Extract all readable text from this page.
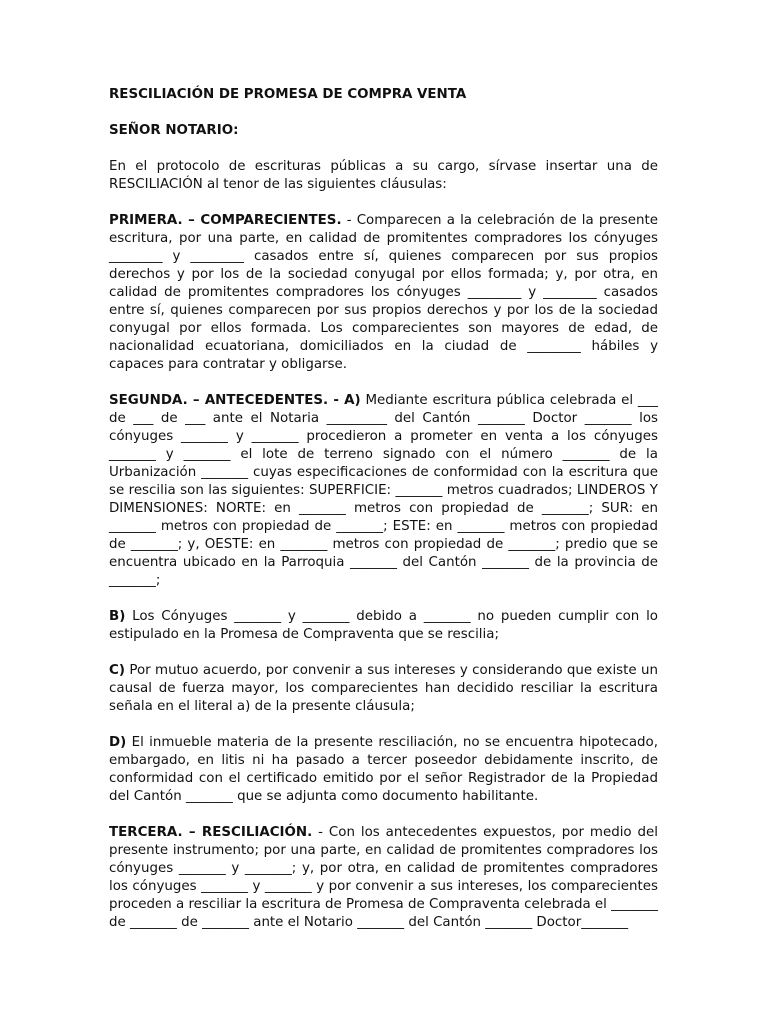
RESCILIACIÓN DE PROMESA DE COMPRA VENTA
SEÑOR NOTARIO:

En el protocolo de escrituras públicas a su cargo, sírvase insertar una de RESCILIACIÓN al tenor de las siguientes cláusulas:

PRIMERA. – COMPARECIENTES. - Comparecen a la celebración de la presente escritura, por una parte, en calidad de promitentes compradores los cónyuges ________ y ________ casados entre sí, quienes comparecen por sus propios derechos y por los de la sociedad conyugal por ellos formada; y, por otra, en calidad de promitentes compradores los cónyuges ________ y ________ casados entre sí, quienes comparecen por sus propios derechos y por los de la sociedad conyugal por ellos formada. Los comparecientes son mayores de edad, de nacionalidad ecuatoriana, domiciliados en la ciudad de ________ hábiles y capaces para contratar y obligarse.

SEGUNDA. – ANTECEDENTES. - A) Mediante escritura pública celebrada el ___ de ___ de ___ ante el Notaria _________ del Cantón _______ Doctor _______ los cónyuges _______ y _______ procedieron a prometer en venta a los cónyuges _______ y _______ el lote de terreno signado con el número _______ de la Urbanización _______ cuyas especificaciones de conformidad con la escritura que se rescilia son las siguientes: SUPERFICIE: _______ metros cuadrados; LINDEROS Y DIMENSIONES: NORTE: en _______ metros con propiedad de _______; SUR: en _______ metros con propiedad de _______; ESTE: en _______ metros con propiedad de _______; y, OESTE: en _______ metros con propiedad de _______; predio que se encuentra ubicado en la Parroquia _______ del Cantón _______ de la provincia de _______;

B) Los Cónyuges _______ y _______ debido a _______ no pueden cumplir con lo estipulado en la Promesa de Compraventa que se rescilia;

C) Por mutuo acuerdo, por convenir a sus intereses y considerando que existe un causal de fuerza mayor, los comparecientes han decidido resciliar la escritura señala en el literal a) de la presente cláusula;

D) El inmueble materia de la presente resciliación, no se encuentra hipotecado, embargado, en litis ni ha pasado a tercer poseedor debidamente inscrito, de conformidad con el certificado emitido por el señor Registrador de la Propiedad del Cantón _______ que se adjunta como documento habilitante.

TERCERA. – RESCILIACIÓN. - Con los antecedentes expuestos, por medio del presente instrumento; por una parte, en calidad de promitentes compradores los cónyuges _______ y _______; y, por otra, en calidad de promitentes compradores los cónyuges _______ y _______ y por convenir a sus intereses, los comparecientes proceden a resciliar la escritura de Promesa de Compraventa celebrada el _______ de _______ de _______ ante el Notario _______ del Cantón _______ Doctor_______
